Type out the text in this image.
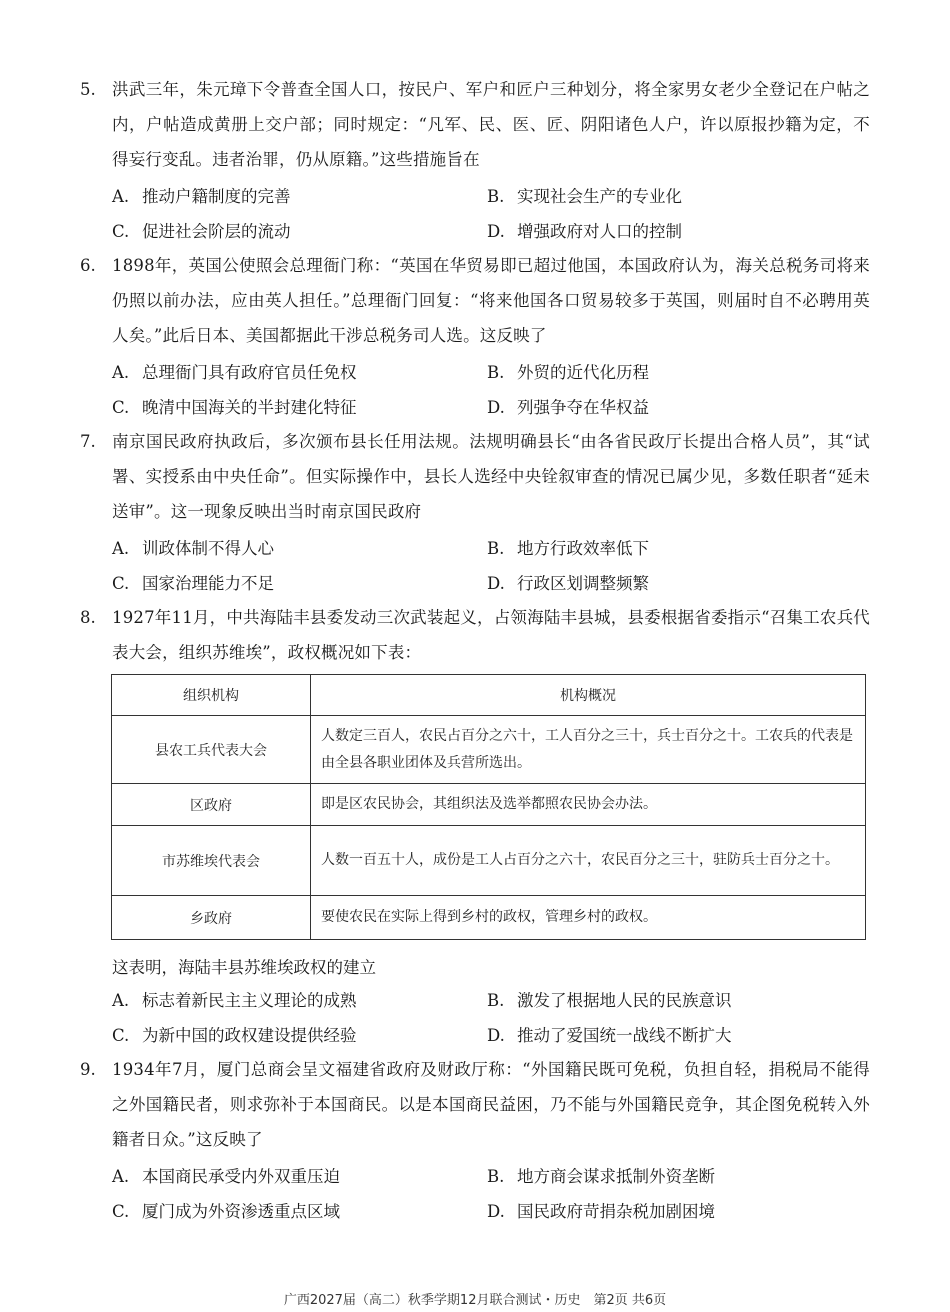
5. 洪武三年，朱元璋下令普查全国人口，按民户、军户和匠户三种划分，将全家男女老少全登记在户帖之内，户帖造成黄册上交户部；同时规定：“凡军、民、医、匠、阴阳诸色人户，许以原报抄籍为定，不得妄行变乱。违者治罪，仍从原籍。”这些措施旨在
A. 推动户籍制度的完善	B. 实现社会生产的专业化
C. 促进社会阶层的流动	D. 增强政府对人口的控制
6. 1898年，英国公使照会总理衙门称：“英国在华贸易即已超过他国，本国政府认为，海关总税务司将来仍照以前办法，应由英人担任。”总理衙门回复：“将来他国各口贸易较多于英国，则届时自不必聘用英人矣。”此后日本、美国都据此干涉总税务司人选。这反映了
A. 总理衙门具有政府官员任免权	B. 外贸的近代化历程
C. 晚清中国海关的半封建化特征	D. 列强争夺在华权益
7. 南京国民政府执政后，多次颁布县长任用法规。法规明确县长“由各省民政厅长提出合格人员”，其“试署、实授系由中央任命”。但实际操作中，县长人选经中央铨叙审查的情况已属少见，多数任职者“延未送审”。这一现象反映出当时南京国民政府
A. 训政体制不得人心	B. 地方行政效率低下
C. 国家治理能力不足	D. 行政区划调整频繁
8. 1927年11月，中共海陆丰县委发动三次武装起义，占领海陆丰县城，县委根据省委指示“召集工农兵代表大会，组织苏维埃”，政权概况如下表：
组织机构	机构概况
县农工兵代表大会	人数定三百人，农民占百分之六十，工人百分之三十，兵士百分之十。工农兵的代表是由全县各职业团体及兵营所选出。
区政府	即是区农民协会，其组织法及选举都照农民协会办法。
市苏维埃代表会	人数一百五十人，成份是工人占百分之六十，农民百分之三十，驻防兵士百分之十。
乡政府	要使农民在实际上得到乡村的政权，管理乡村的政权。
这表明，海陆丰县苏维埃政权的建立
A. 标志着新民主主义理论的成熟	B. 激发了根据地人民的民族意识
C. 为新中国的政权建设提供经验	D. 推动了爱国统一战线不断扩大
9. 1934年7月，厦门总商会呈文福建省政府及财政厅称：“外国籍民既可免税，负担自轻，捐税局不能得之外国籍民者，则求弥补于本国商民。以是本国商民益困，乃不能与外国籍民竞争，其企图免税转入外籍者日众。”这反映了
A. 本国商民承受内外双重压迫	B. 地方商会谋求抵制外资垄断
C. 厦门成为外资渗透重点区域	D. 国民政府苛捐杂税加剧困境
广西2027届（高二）秋季学期12月联合测试・历史　第2页 共6页
